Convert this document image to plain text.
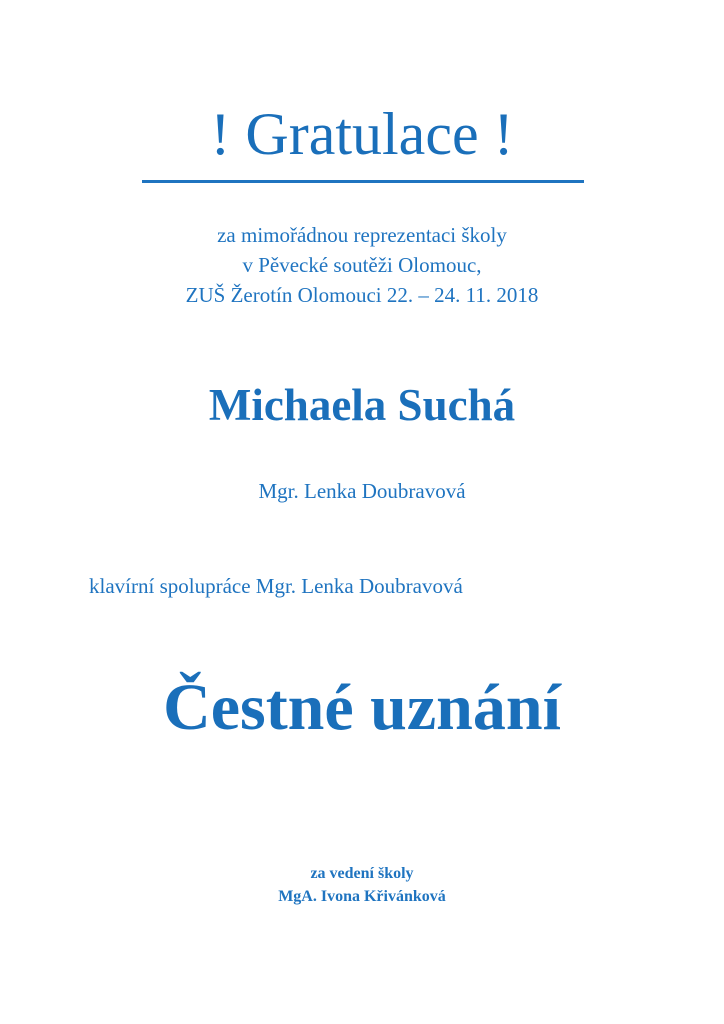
! Gratulace !
za mimořádnou reprezentaci školy
v Pěvecké soutěži Olomouc,
ZUŠ Žerotín Olomouci 22. – 24. 11. 2018
Michaela Suchá
Mgr. Lenka Doubravová
klavírní spolupráce Mgr. Lenka Doubravová
Čestné uznání
za vedení školy
MgA. Ivona Křivánková
